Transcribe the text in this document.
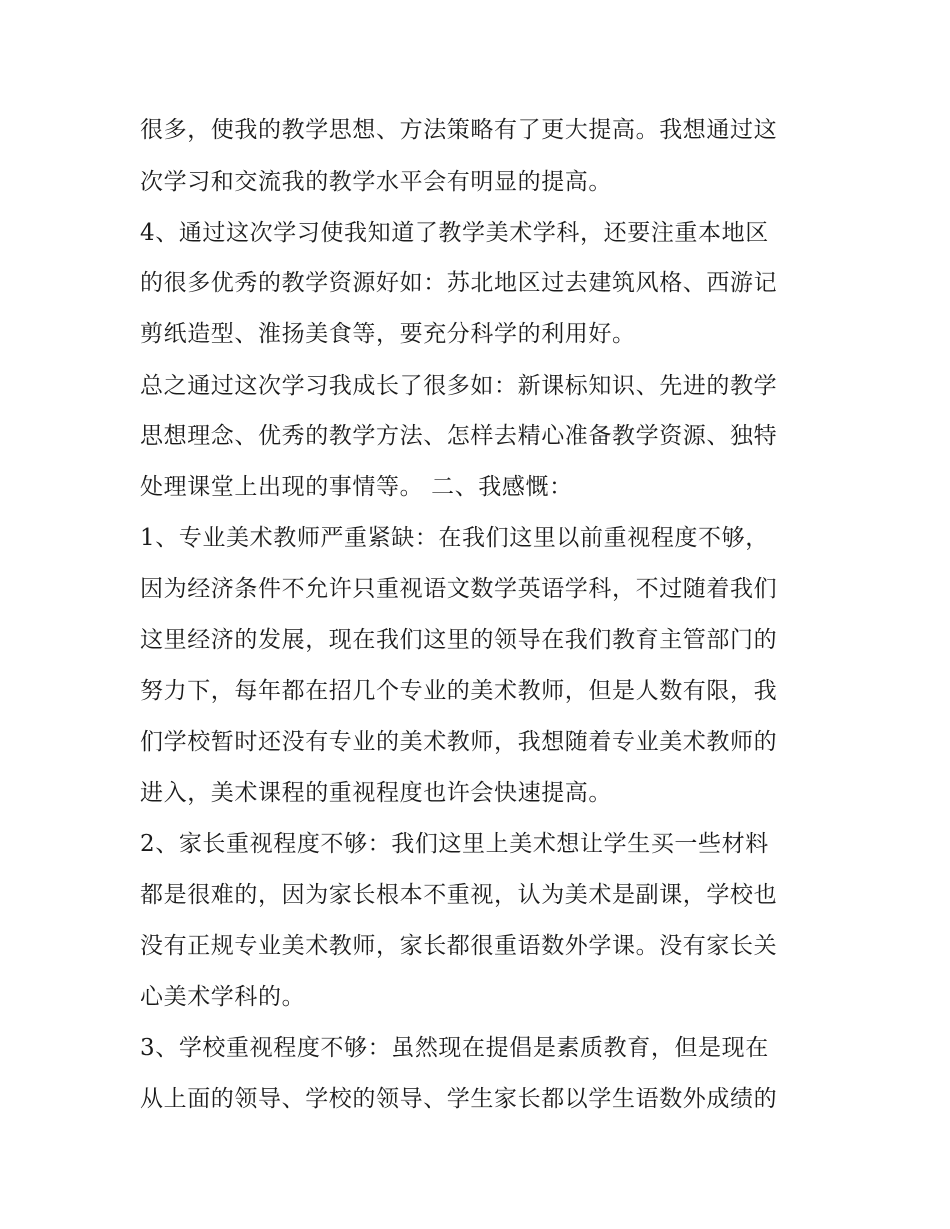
很多，使我的教学思想、方法策略有了更大提高。我想通过这
次学习和交流我的教学水平会有明显的提高。
4、通过这次学习使我知道了教学美术学科，还要注重本地区
的很多优秀的教学资源好如：苏北地区过去建筑风格、西游记
剪纸造型、淮扬美食等，要充分科学的利用好。
总之通过这次学习我成长了很多如：新课标知识、先进的教学
思想理念、优秀的教学方法、怎样去精心准备教学资源、独特
处理课堂上出现的事情等。 二、我感慨：
1、专业美术教师严重紧缺：在我们这里以前重视程度不够，
因为经济条件不允许只重视语文数学英语学科，不过随着我们
这里经济的发展，现在我们这里的领导在我们教育主管部门的
努力下，每年都在招几个专业的美术教师，但是人数有限，我
们学校暂时还没有专业的美术教师，我想随着专业美术教师的
进入，美术课程的重视程度也许会快速提高。
2、家长重视程度不够：我们这里上美术想让学生买一些材料
都是很难的，因为家长根本不重视，认为美术是副课，学校也
没有正规专业美术教师，家长都很重语数外学课。没有家长关
心美术学科的。
3、学校重视程度不够：虽然现在提倡是素质教育，但是现在
从上面的领导、学校的领导、学生家长都以学生语数外成绩的
